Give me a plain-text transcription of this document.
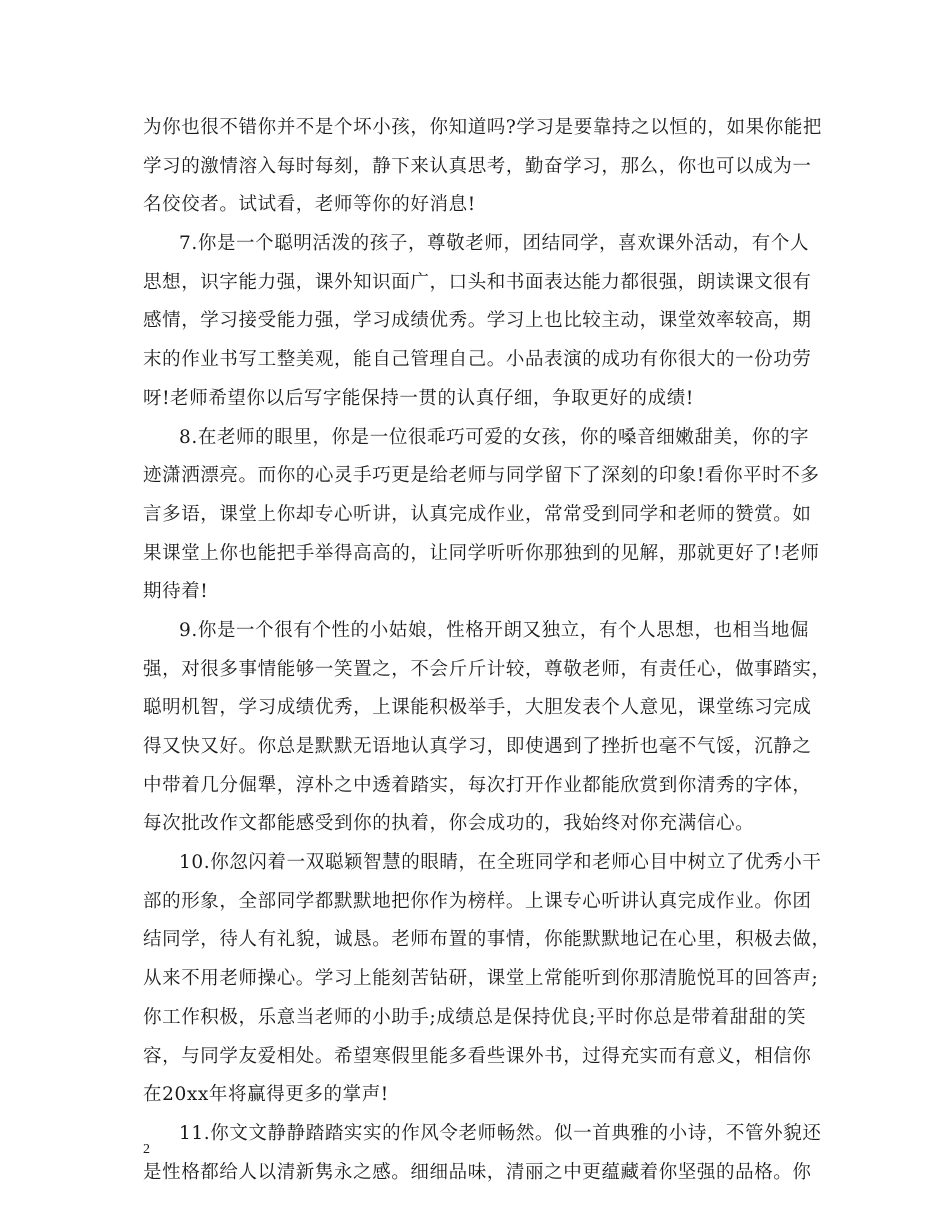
为你也很不错你并不是个坏小孩，你知道吗?学习是要靠持之以恒的，如果你能把
学习的激情溶入每时每刻，静下来认真思考，勤奋学习，那么，你也可以成为一
名佼佼者。试试看，老师等你的好消息!
7.你是一个聪明活泼的孩子，尊敬老师，团结同学，喜欢课外活动，有个人
思想，识字能力强，课外知识面广，口头和书面表达能力都很强，朗读课文很有
感情，学习接受能力强，学习成绩优秀。学习上也比较主动，课堂效率较高，期
末的作业书写工整美观，能自己管理自己。小品表演的成功有你很大的一份功劳
呀!老师希望你以后写字能保持一贯的认真仔细，争取更好的成绩!
8.在老师的眼里，你是一位很乖巧可爱的女孩，你的嗓音细嫩甜美，你的字
迹潇洒漂亮。而你的心灵手巧更是给老师与同学留下了深刻的印象!看你平时不多
言多语，课堂上你却专心听讲，认真完成作业，常常受到同学和老师的赞赏。如
果课堂上你也能把手举得高高的，让同学听听你那独到的见解，那就更好了!老师
期待着!
9.你是一个很有个性的小姑娘，性格开朗又独立，有个人思想，也相当地倔
强，对很多事情能够一笑置之，不会斤斤计较，尊敬老师，有责任心，做事踏实，
聪明机智，学习成绩优秀，上课能积极举手，大胆发表个人意见，课堂练习完成
得又快又好。你总是默默无语地认真学习，即使遇到了挫折也毫不气馁，沉静之
中带着几分倔犟，淳朴之中透着踏实，每次打开作业都能欣赏到你清秀的字体，
每次批改作文都能感受到你的执着，你会成功的，我始终对你充满信心。
10.你忽闪着一双聪颖智慧的眼睛，在全班同学和老师心目中树立了优秀小干
部的形象，全部同学都默默地把你作为榜样。上课专心听讲认真完成作业。你团
结同学，待人有礼貌，诚恳。老师布置的事情，你能默默地记在心里，积极去做，
从来不用老师操心。学习上能刻苦钻研，课堂上常能听到你那清脆悦耳的回答声;
你工作积极，乐意当老师的小助手;成绩总是保持优良;平时你总是带着甜甜的笑
容，与同学友爱相处。希望寒假里能多看些课外书，过得充实而有意义，相信你
在20xx年将赢得更多的掌声!
11.你文文静静踏踏实实的作风令老师畅然。似一首典雅的小诗，不管外貌还
是性格都给人以清新隽永之感。细细品味，清丽之中更蕴藏着你坚强的品格。你
2
